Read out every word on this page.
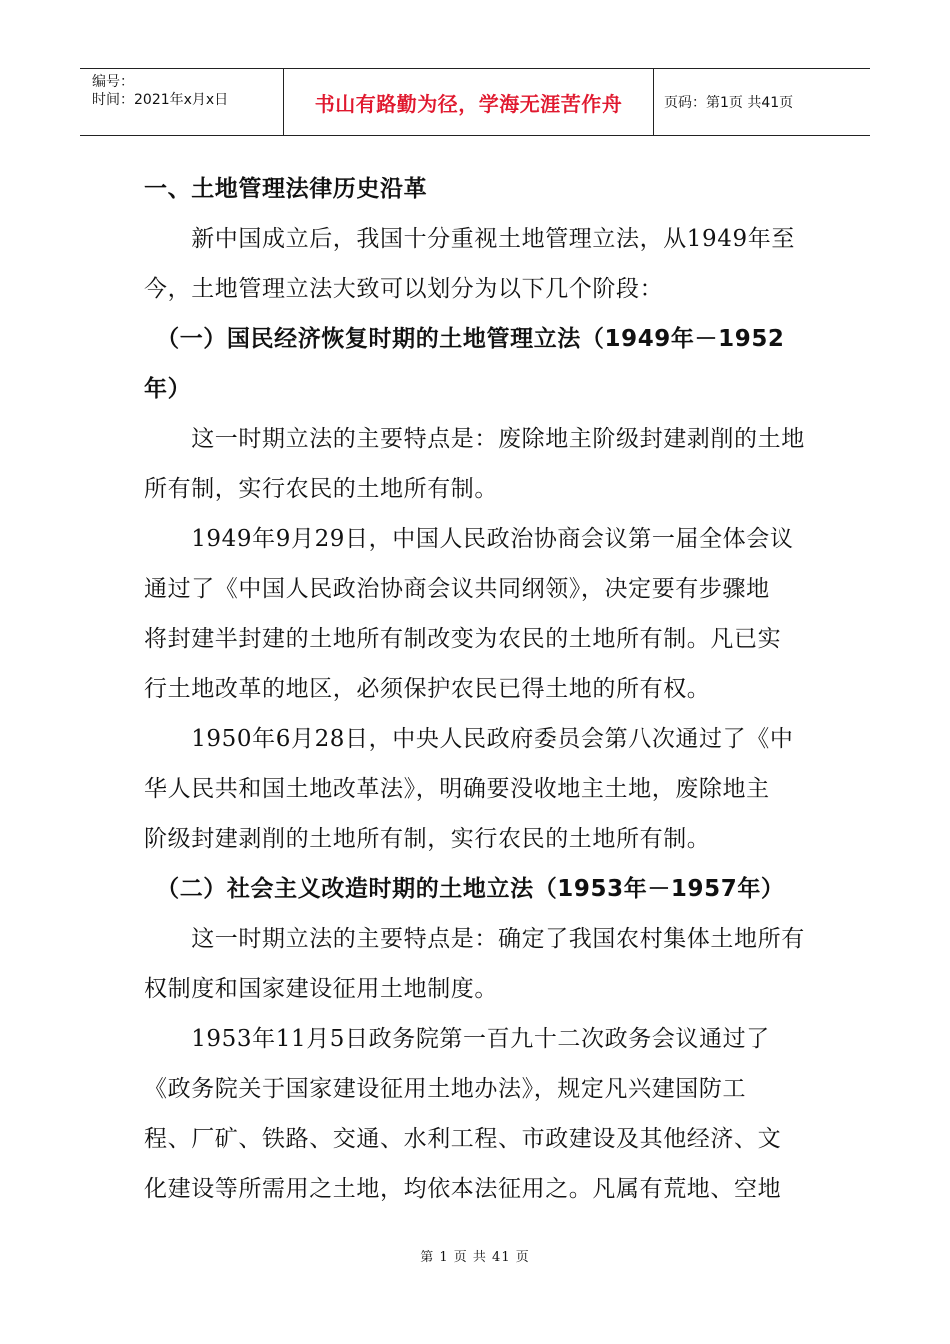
编号：
时间：2021年x月x日	书山有路勤为径，学海无涯苦作舟	页码：第1页 共41页
一、土地管理法律历史沿革
　　新中国成立后，我国十分重视土地管理立法，从1949年至
今，土地管理立法大致可以划分为以下几个阶段：
　（一）国民经济恢复时期的土地管理立法（1949年－1952
年）
　　这一时期立法的主要特点是：废除地主阶级封建剥削的土地
所有制，实行农民的土地所有制。
　　1949年9月29日，中国人民政治协商会议第一届全体会议
通过了《中国人民政治协商会议共同纲领》，决定要有步骤地
将封建半封建的土地所有制改变为农民的土地所有制。凡已实
行土地改革的地区，必须保护农民已得土地的所有权。
　　1950年6月28日，中央人民政府委员会第八次通过了《中
华人民共和国土地改革法》，明确要没收地主土地，废除地主
阶级封建剥削的土地所有制，实行农民的土地所有制。
　（二）社会主义改造时期的土地立法（1953年－1957年）
　　这一时期立法的主要特点是：确定了我国农村集体土地所有
权制度和国家建设征用土地制度。
　　1953年11月5日政务院第一百九十二次政务会议通过了
《政务院关于国家建设征用土地办法》，规定凡兴建国防工
程、厂矿、铁路、交通、水利工程、市政建设及其他经济、文
化建设等所需用之土地，均依本法征用之。凡属有荒地、空地
第 1 页 共 41 页
